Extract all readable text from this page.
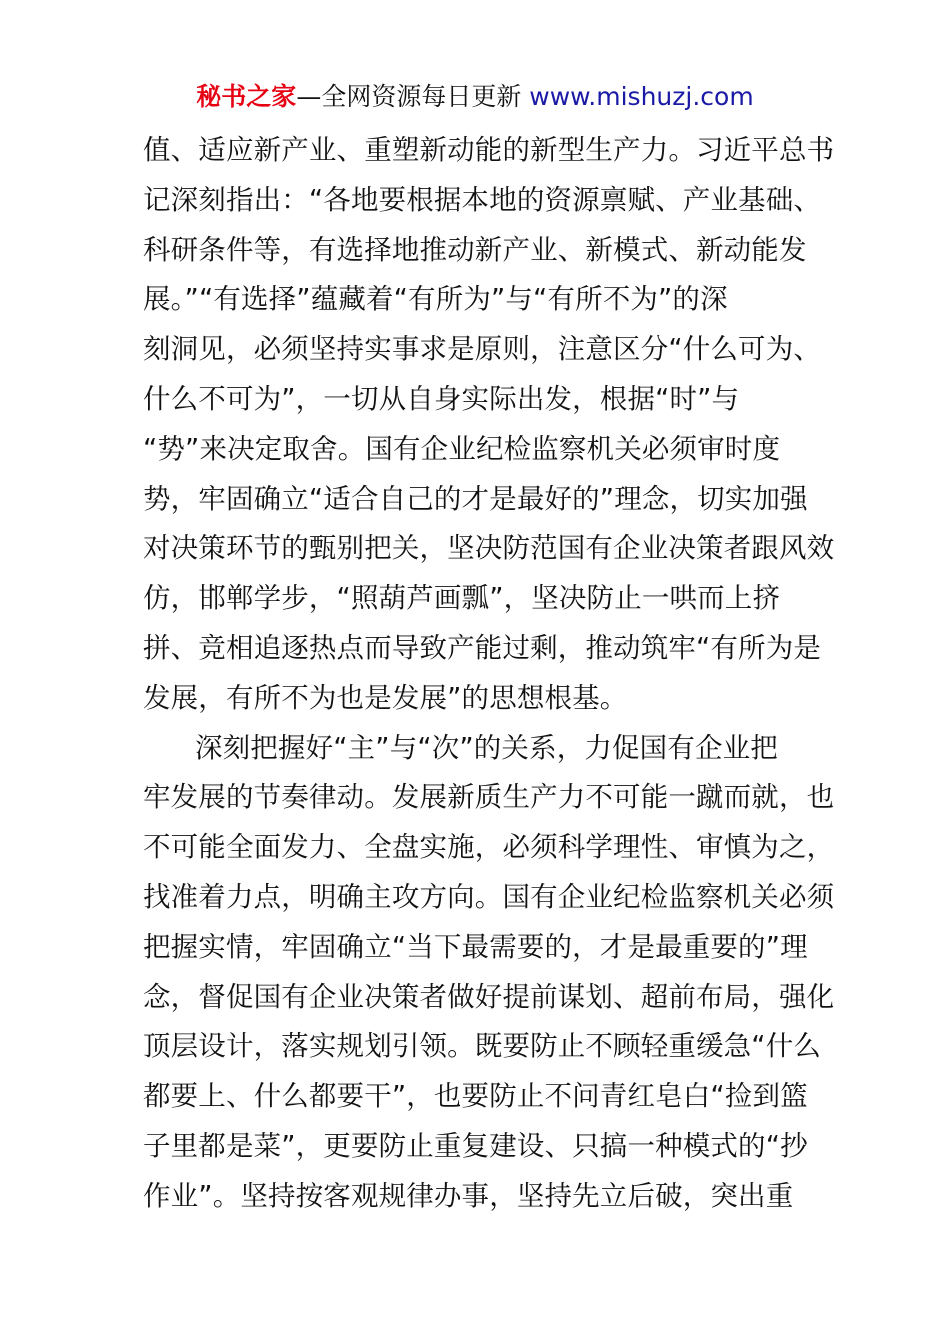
秘书之家—全网资源每日更新 www.mishuzj.com
值、适应新产业、重塑新动能的新型生产力。习近平总书
记深刻指出：“各地要根据本地的资源禀赋、产业基础、
科研条件等，有选择地推动新产业、新模式、新动能发
展。”“有选择”蕴藏着“有所为”与“有所不为”的深
刻洞见，必须坚持实事求是原则，注意区分“什么可为、
什么不可为”，一切从自身实际出发，根据“时”与
“势”来决定取舍。国有企业纪检监察机关必须审时度
势，牢固确立“适合自己的才是最好的”理念，切实加强
对决策环节的甄别把关，坚决防范国有企业决策者跟风效
仿，邯郸学步，“照葫芦画瓢”，坚决防止一哄而上挤
拼、竞相追逐热点而导致产能过剩，推动筑牢“有所为是
发展，有所不为也是发展”的思想根基。
深刻把握好“主”与“次”的关系，力促国有企业把
牢发展的节奏律动。发展新质生产力不可能一蹴而就，也
不可能全面发力、全盘实施，必须科学理性、审慎为之，
找准着力点，明确主攻方向。国有企业纪检监察机关必须
把握实情，牢固确立“当下最需要的，才是最重要的”理
念，督促国有企业决策者做好提前谋划、超前布局，强化
顶层设计，落实规划引领。既要防止不顾轻重缓急“什么
都要上、什么都要干”，也要防止不问青红皂白“捡到篮
子里都是菜”，更要防止重复建设、只搞一种模式的“抄
作业”。坚持按客观规律办事，坚持先立后破，突出重
